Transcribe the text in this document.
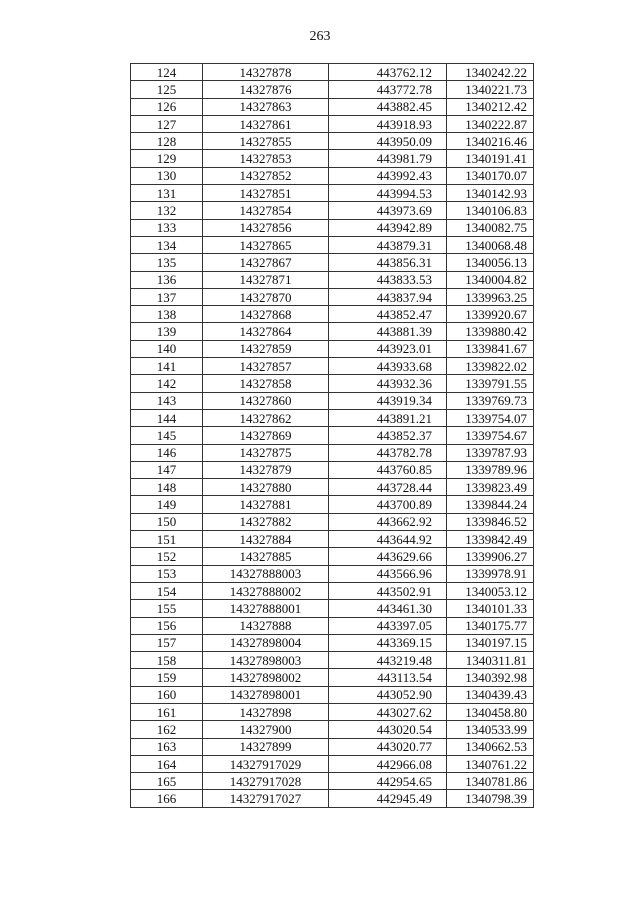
263
124	14327878	443762.12	1340242.22
125	14327876	443772.78	1340221.73
126	14327863	443882.45	1340212.42
127	14327861	443918.93	1340222.87
128	14327855	443950.09	1340216.46
129	14327853	443981.79	1340191.41
130	14327852	443992.43	1340170.07
131	14327851	443994.53	1340142.93
132	14327854	443973.69	1340106.83
133	14327856	443942.89	1340082.75
134	14327865	443879.31	1340068.48
135	14327867	443856.31	1340056.13
136	14327871	443833.53	1340004.82
137	14327870	443837.94	1339963.25
138	14327868	443852.47	1339920.67
139	14327864	443881.39	1339880.42
140	14327859	443923.01	1339841.67
141	14327857	443933.68	1339822.02
142	14327858	443932.36	1339791.55
143	14327860	443919.34	1339769.73
144	14327862	443891.21	1339754.07
145	14327869	443852.37	1339754.67
146	14327875	443782.78	1339787.93
147	14327879	443760.85	1339789.96
148	14327880	443728.44	1339823.49
149	14327881	443700.89	1339844.24
150	14327882	443662.92	1339846.52
151	14327884	443644.92	1339842.49
152	14327885	443629.66	1339906.27
153	14327888003	443566.96	1339978.91
154	14327888002	443502.91	1340053.12
155	14327888001	443461.30	1340101.33
156	14327888	443397.05	1340175.77
157	14327898004	443369.15	1340197.15
158	14327898003	443219.48	1340311.81
159	14327898002	443113.54	1340392.98
160	14327898001	443052.90	1340439.43
161	14327898	443027.62	1340458.80
162	14327900	443020.54	1340533.99
163	14327899	443020.77	1340662.53
164	14327917029	442966.08	1340761.22
165	14327917028	442954.65	1340781.86
166	14327917027	442945.49	1340798.39
